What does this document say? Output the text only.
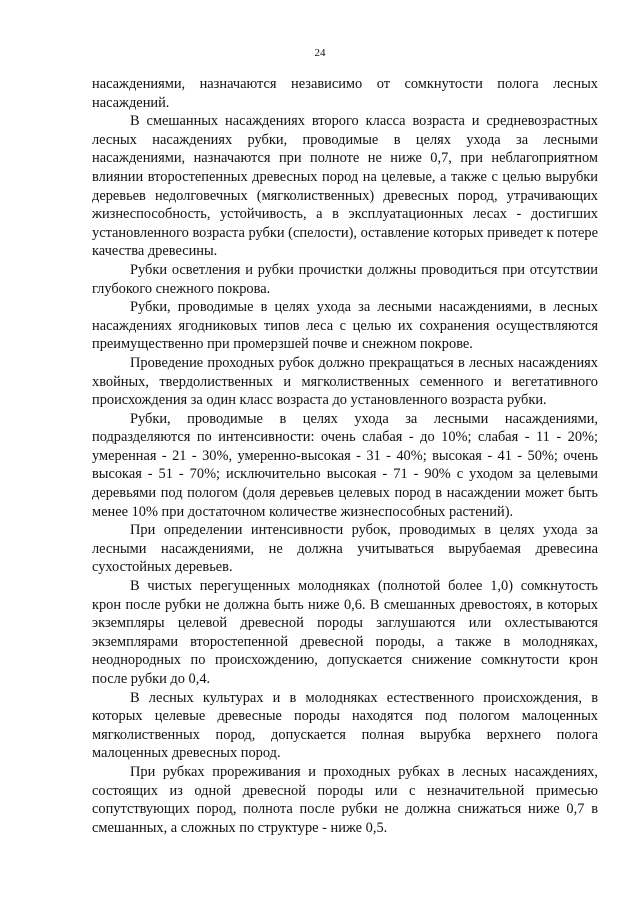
24

насаждениями, назначаются независимо от сомкнутости полога лесных насаждений.

В смешанных насаждениях второго класса возраста и средневозрастных лесных насаждениях рубки, проводимые в целях ухода за лесными насаждениями, назначаются при полноте не ниже 0,7, при неблагоприятном влиянии второстепенных древесных пород на целевые, а также с целью вырубки деревьев недолговечных (мягколиственных) древесных пород, утрачивающих жизнеспособность, устойчивость, а в эксплуатационных лесах - достигших установленного возраста рубки (спелости), оставление которых приведет к потере качества древесины.

Рубки осветления и рубки прочистки должны проводиться при отсутствии глубокого снежного покрова.

Рубки, проводимые в целях ухода за лесными насаждениями, в лесных насаждениях ягодниковых типов леса с целью их сохранения осуществляются преимущественно при промерзшей почве и снежном покрове.

Проведение проходных рубок должно прекращаться в лесных насаждениях хвойных, твердолиственных и мягколиственных семенного и вегетативного происхождения за один класс возраста до установленного возраста рубки.

Рубки, проводимые в целях ухода за лесными насаждениями, подразделяются по интенсивности: очень слабая - до 10%; слабая - 11 - 20%; умеренная - 21 - 30%, умеренно-высокая - 31 - 40%; высокая - 41 - 50%; очень высокая - 51 - 70%; исключительно высокая - 71 - 90% с уходом за целевыми деревьями под пологом (доля деревьев целевых пород в насаждении может быть менее 10% при достаточном количестве жизнеспособных растений).

При определении интенсивности рубок, проводимых в целях ухода за лесными насаждениями, не должна учитываться вырубаемая древесина сухостойных деревьев.

В чистых перегущенных молодняках (полнотой более 1,0) сомкнутость крон после рубки не должна быть ниже 0,6. В смешанных древостоях, в которых экземпляры целевой древесной породы заглушаются или охлестываются экземплярами второстепенной древесной породы, а также в молодняках, неоднородных по происхождению, допускается снижение сомкнутости крон после рубки до 0,4.

В лесных культурах и в молодняках естественного происхождения, в которых целевые древесные породы находятся под пологом малоценных мягколиственных пород, допускается полная вырубка верхнего полога малоценных древесных пород.

При рубках прореживания и проходных рубках в лесных насаждениях, состоящих из одной древесной породы или с незначительной примесью сопутствующих пород, полнота после рубки не должна снижаться ниже 0,7 в смешанных, а сложных по структуре - ниже 0,5.
